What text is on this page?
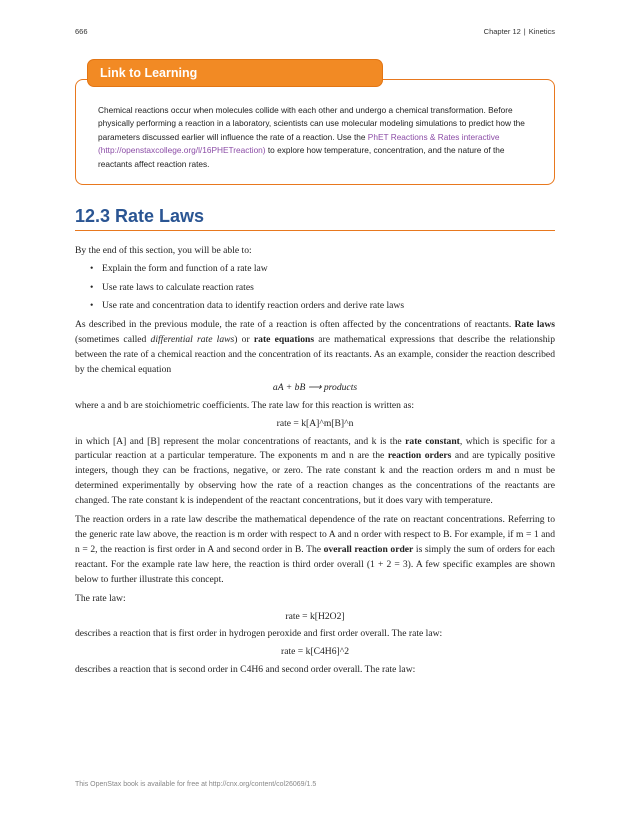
666	Chapter 12 | Kinetics
Link to Learning
Chemical reactions occur when molecules collide with each other and undergo a chemical transformation. Before physically performing a reaction in a laboratory, scientists can use molecular modeling simulations to predict how the parameters discussed earlier will influence the rate of a reaction. Use the PhET Reactions & Rates interactive (http://openstaxcollege.org/l/16PHETreaction) to explore how temperature, concentration, and the nature of the reactants affect reaction rates.
12.3 Rate Laws

By the end of this section, you will be able to:

• Explain the form and function of a rate law
• Use rate laws to calculate reaction rates
• Use rate and concentration data to identify reaction orders and derive rate laws

As described in the previous module, the rate of a reaction is often affected by the concentrations of reactants. Rate laws (sometimes called differential rate laws) or rate equations are mathematical expressions that describe the relationship between the rate of a chemical reaction and the concentration of its reactants. As an example, consider the reaction described by the chemical equation

aA + bB ⟶ products

where a and b are stoichiometric coefficients. The rate law for this reaction is written as:

rate = k[A]^m[B]^n

in which [A] and [B] represent the molar concentrations of reactants, and k is the rate constant, which is specific for a particular reaction at a particular temperature. The exponents m and n are the reaction orders and are typically positive integers, though they can be fractions, negative, or zero. The rate constant k and the reaction orders m and n must be determined experimentally by observing how the rate of a reaction changes as the concentrations of the reactants are changed. The rate constant k is independent of the reactant concentrations, but it does vary with temperature.

The reaction orders in a rate law describe the mathematical dependence of the rate on reactant concentrations. Referring to the generic rate law above, the reaction is m order with respect to A and n order with respect to B. For example, if m = 1 and n = 2, the reaction is first order in A and second order in B. The overall reaction order is simply the sum of orders for each reactant. For the example rate law here, the reaction is third order overall (1 + 2 = 3). A few specific examples are shown below to further illustrate this concept.

The rate law:

rate = k[H2O2]

describes a reaction that is first order in hydrogen peroxide and first order overall. The rate law:

rate = k[C4H6]^2

describes a reaction that is second order in C4H6 and second order overall. The rate law:

This OpenStax book is available for free at http://cnx.org/content/col26069/1.5
